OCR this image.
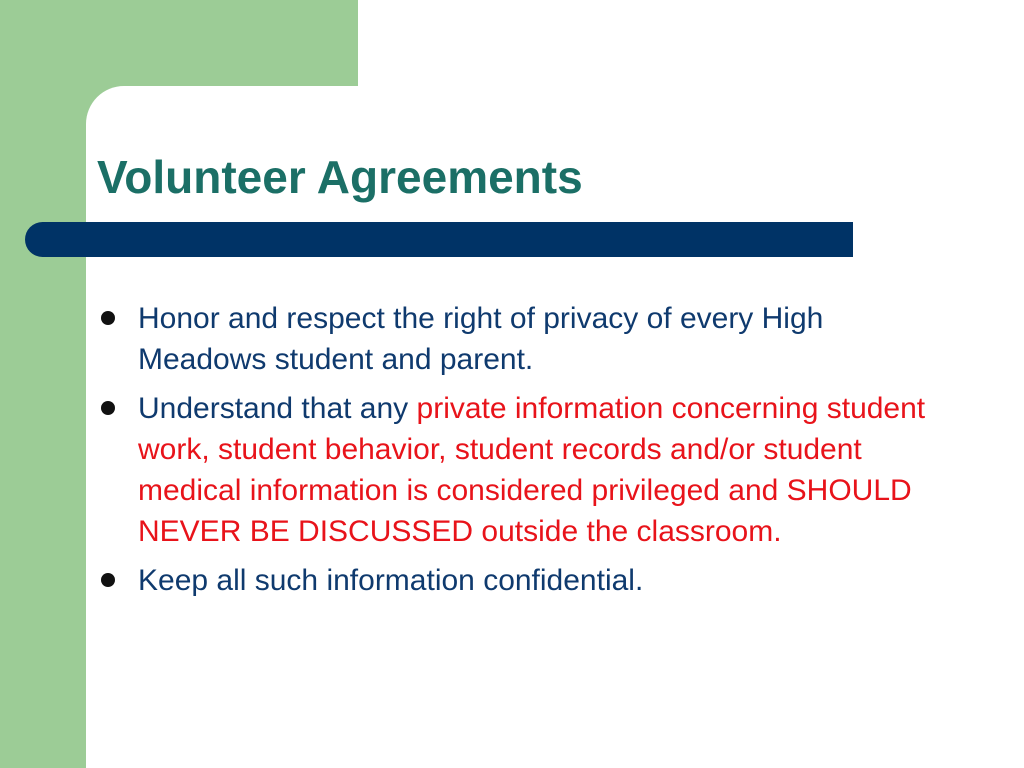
Volunteer Agreements
Honor and respect the right of privacy of every High Meadows student and parent.
Understand that any private information concerning student work, student behavior, student records and/or student medical information is considered privileged and SHOULD NEVER BE DISCUSSED outside the classroom.
Keep all such information confidential.
